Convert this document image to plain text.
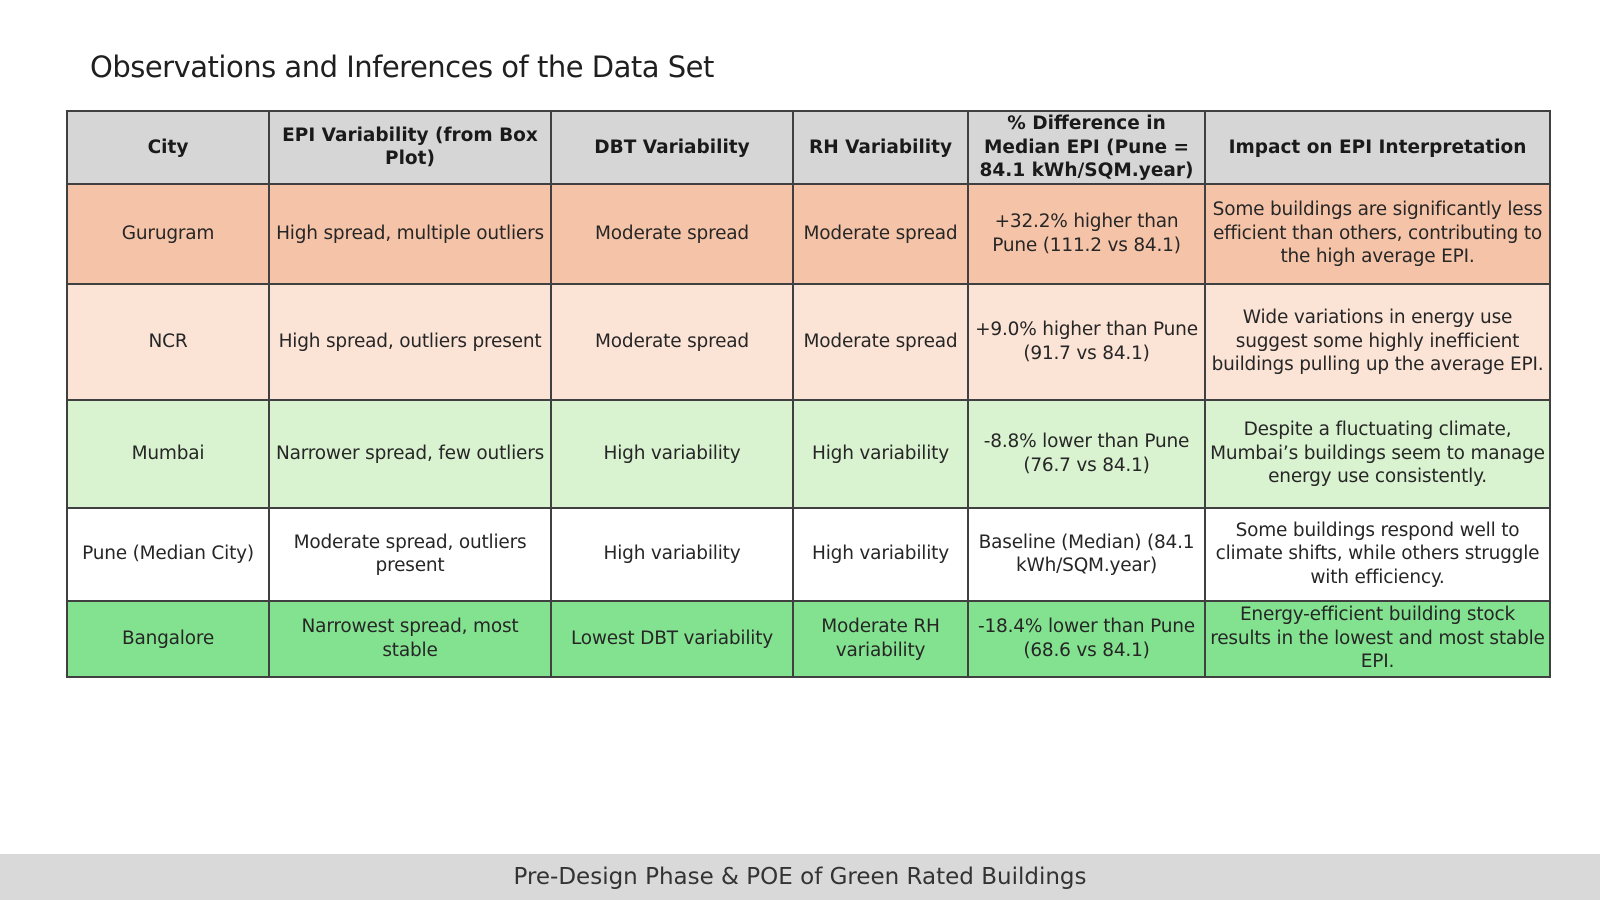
Observations and Inferences of the Data Set
City	EPI Variability (from Box Plot)	DBT Variability	RH Variability	% Difference in Median EPI (Pune = 84.1 kWh/SQM.year)	Impact on EPI Interpretation
Gurugram	High spread, multiple outliers	Moderate spread	Moderate spread	+32.2% higher than Pune (111.2 vs 84.1)	Some buildings are significantly less efficient than others, contributing to the high average EPI.
NCR	High spread, outliers present	Moderate spread	Moderate spread	+9.0% higher than Pune (91.7 vs 84.1)	Wide variations in energy use suggest some highly inefficient buildings pulling up the average EPI.
Mumbai	Narrower spread, few outliers	High variability	High variability	-8.8% lower than Pune (76.7 vs 84.1)	Despite a fluctuating climate, Mumbai’s buildings seem to manage energy use consistently.
Pune (Median City)	Moderate spread, outliers present	High variability	High variability	Baseline (Median) (84.1 kWh/SQM.year)	Some buildings respond well to climate shifts, while others struggle with efficiency.
Bangalore	Narrowest spread, most stable	Lowest DBT variability	Moderate RH variability	-18.4% lower than Pune (68.6 vs 84.1)	Energy-efficient building stock results in the lowest and most stable EPI.
Pre-Design Phase & POE of Green Rated Buildings
